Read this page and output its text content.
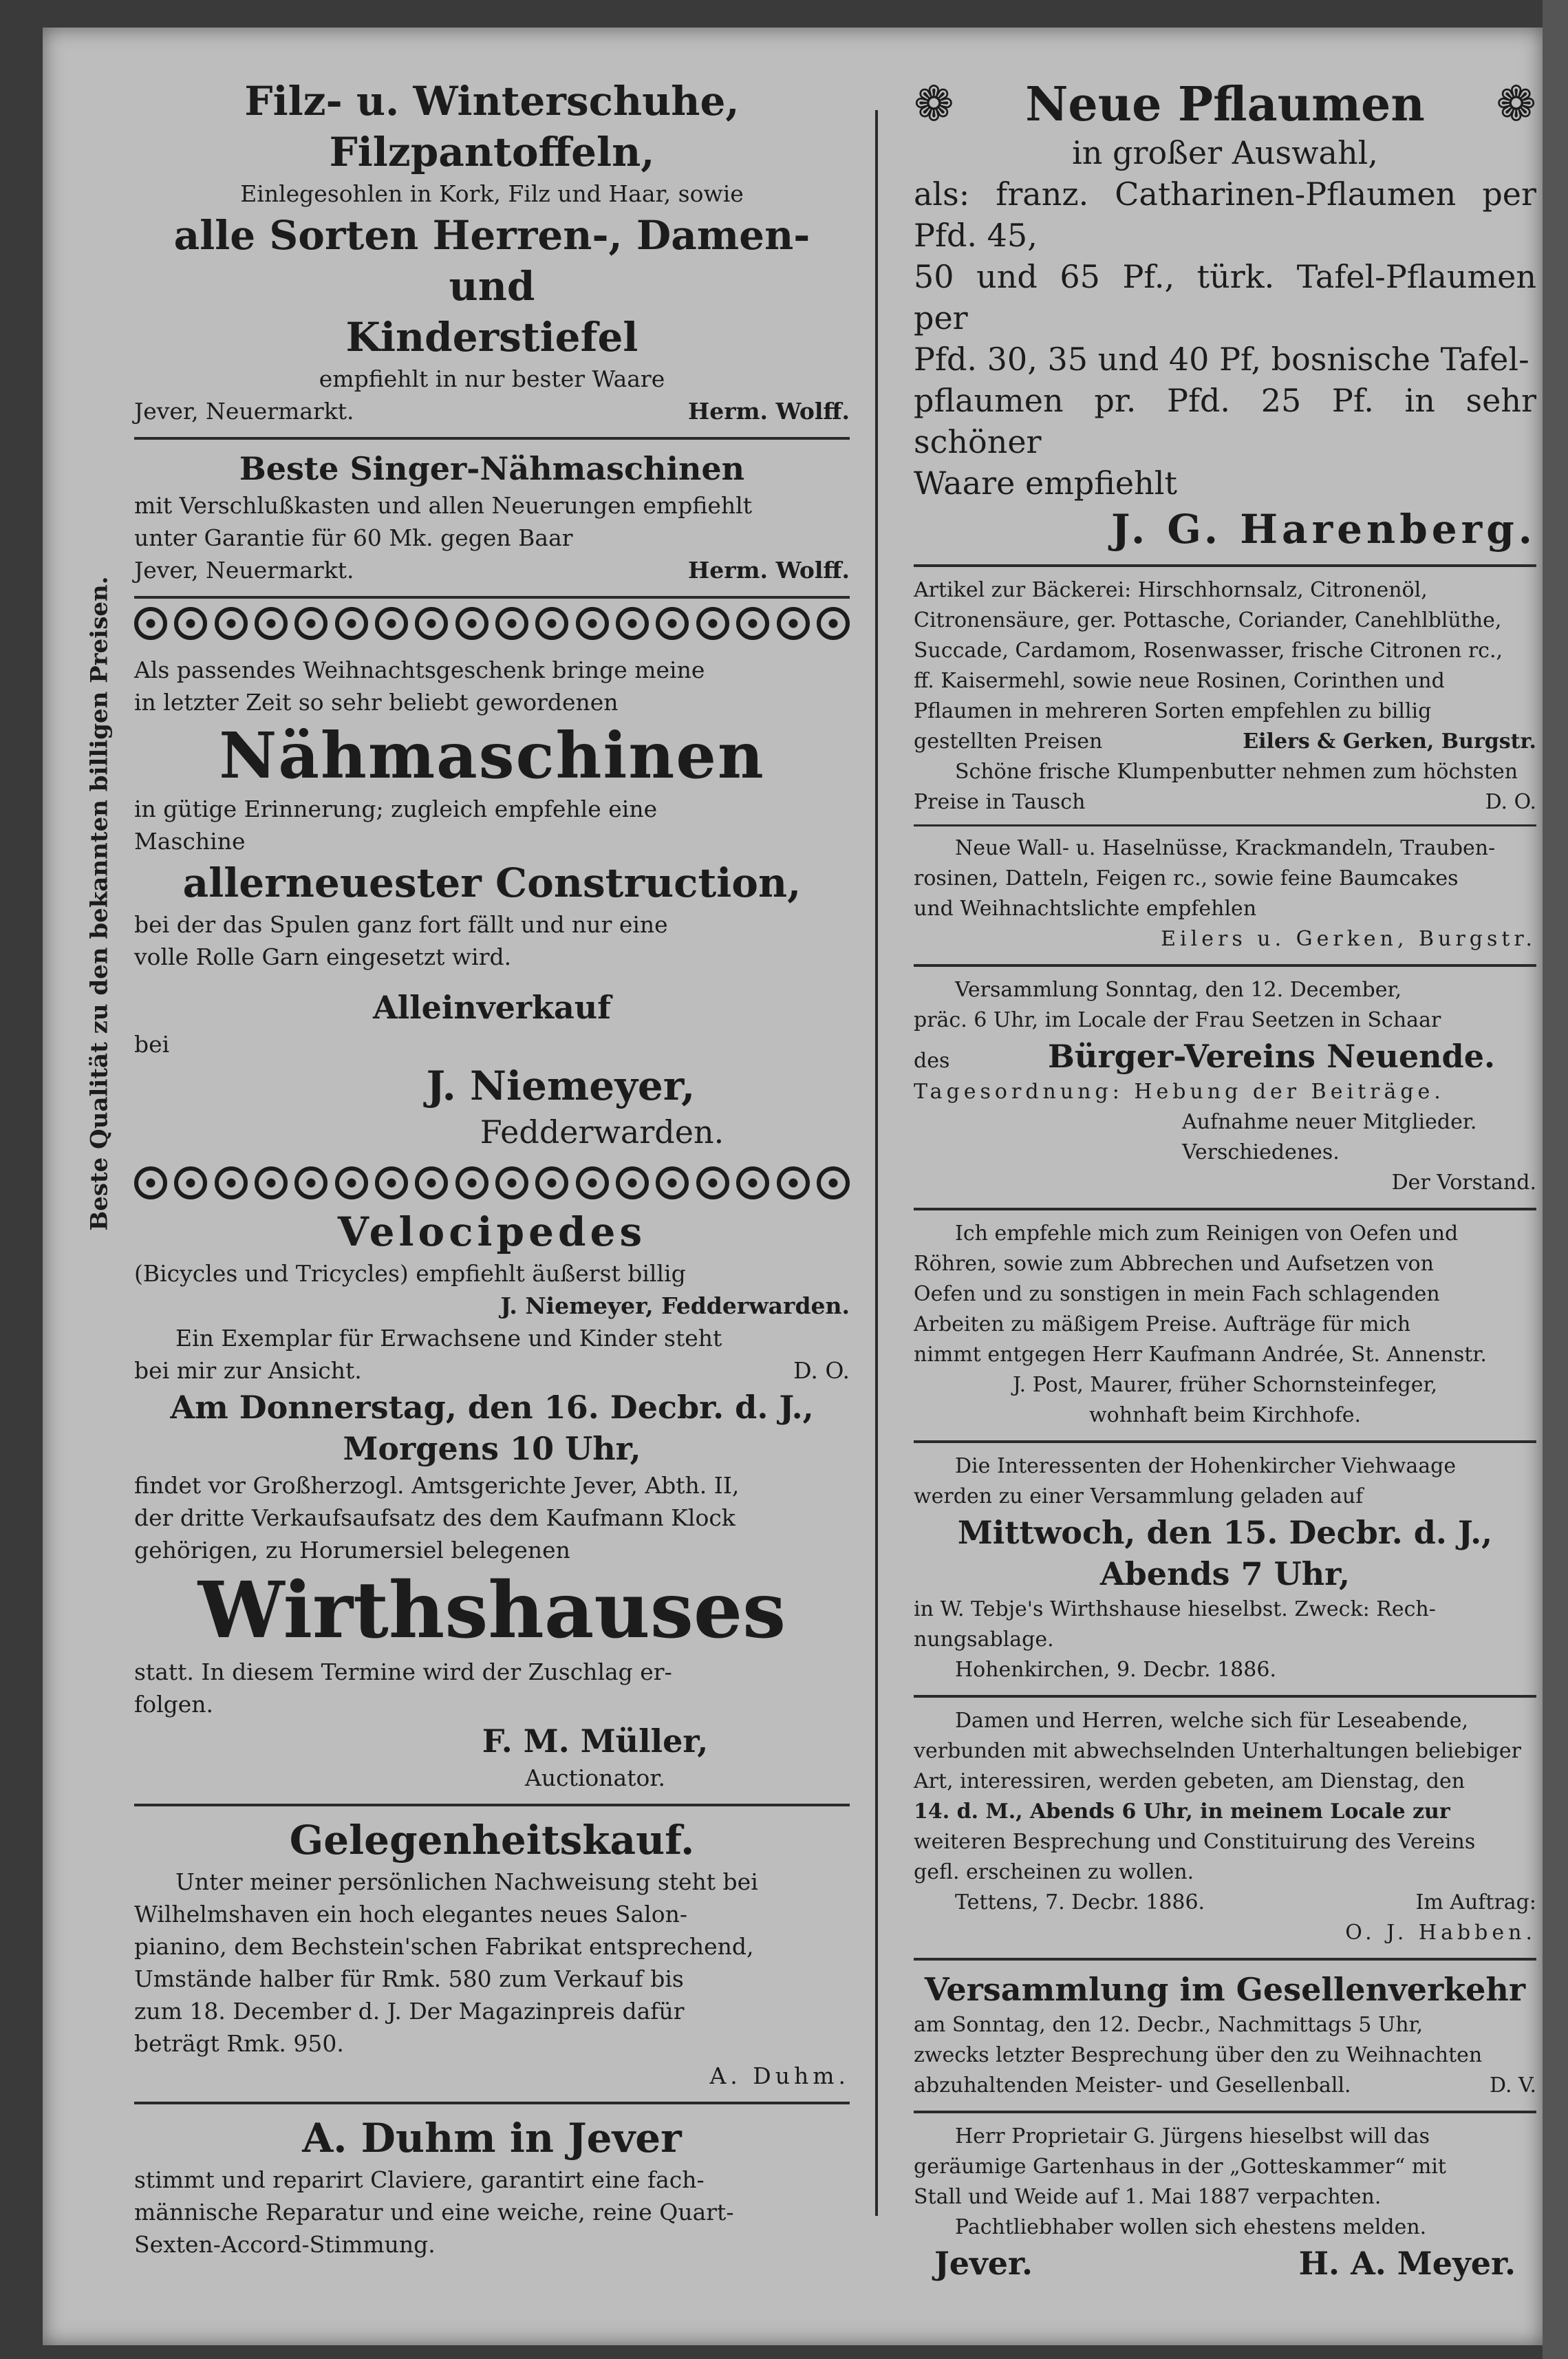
Filz- u. Winterschuhe, Filzpantoffeln,
Einlegesohlen in Kork, Filz und Haar, sowie
alle Sorten Herren-, Damen- und
Kinderstiefel
empfiehlt in nur bester Waare
Jever, Neuermarkt.	Herm. Wolff.
Beste Singer-Nähmaschinen
mit Verschlußkasten und allen Neuerungen empfiehlt
unter Garantie für 60 Mk. gegen Baar
Jever, Neuermarkt.	Herm. Wolff.
Beste Qualität zu den bekannten billigen Preisen. Als passendes Weihnachtsgeschenk bringe meine
in letzter Zeit so sehr beliebt gewordenen
Nähmaschinen
in gütige Erinnerung; zugleich empfehle eine
Maschine
allerneuester Construction,
bei der das Spulen ganz fort fällt und nur eine
volle Rolle Garn eingesetzt wird.
Alleinverkauf
bei
J. Niemeyer,
Fedderwarden.
Velocipedes
(Bicycles und Tricycles) empfiehlt äußerst billig
J. Niemeyer, Fedderwarden.
Ein Exemplar für Erwachsene und Kinder steht
bei mir zur Ansicht.	D. O.
Am Donnerstag, den 16. Decbr. d. J.,
Morgens 10 Uhr,
findet vor Großherzogl. Amtsgerichte Jever, Abth. II,
der dritte Verkaufsaufsatz des dem Kaufmann Klock
gehörigen, zu Horumersiel belegenen
Wirthshauses
statt. In diesem Termine wird der Zuschlag er-
folgen.
F. M. Müller,
Auctionator.
Gelegenheitskauf.
Unter meiner persönlichen Nachweisung steht bei
Wilhelmshaven ein hoch elegantes neues Salon-
pianino, dem Bechstein'schen Fabrikat entsprechend,
Umstände halber für Rmk. 580 zum Verkauf bis
zum 18. December d. J. Der Magazinpreis dafür
beträgt Rmk. 950.
A. Duhm.
A. Duhm in Jever
stimmt und reparirt Claviere, garantirt eine fach-
männische Reparatur und eine weiche, reine Quart-
Sexten-Accord-Stimmung.
❁ Neue Pflaumen ❁
in großer Auswahl,
als: franz. Catharinen-Pflaumen per Pfd. 45,
50 und 65 Pf., türk. Tafel-Pflaumen per
Pfd. 30, 35 und 40 Pf, bosnische Tafel-
pflaumen pr. Pfd. 25 Pf. in sehr schöner
Waare empfiehlt
J. G. Harenberg.
Artikel zur Bäckerei: Hirschhornsalz, Citronenöl,
Citronensäure, ger. Pottasche, Coriander, Canehlblüthe,
Succade, Cardamom, Rosenwasser, frische Citronen rc.,
ff. Kaisermehl, sowie neue Rosinen, Corinthen und
Pflaumen in mehreren Sorten empfehlen zu billig
gestellten Preisen	Eilers & Gerken, Burgstr.
Schöne frische Klumpenbutter nehmen zum höchsten
Preise in Tausch	D. O.
Neue Wall- u. Haselnüsse, Krackmandeln, Trauben-
rosinen, Datteln, Feigen rc., sowie feine Baumcakes
und Weihnachtslichte empfehlen
Eilers u. Gerken, Burgstr.
Versammlung Sonntag, den 12. December,
präc. 6 Uhr, im Locale der Frau Seetzen in Schaar
des	Bürger-Vereins Neuende.
Tagesordnung: Hebung der Beiträge.
Aufnahme neuer Mitglieder.
Verschiedenes.
Der Vorstand.
Ich empfehle mich zum Reinigen von Oefen und
Röhren, sowie zum Abbrechen und Aufsetzen von
Oefen und zu sonstigen in mein Fach schlagenden
Arbeiten zu mäßigem Preise. Aufträge für mich
nimmt entgegen Herr Kaufmann Andrée, St. Annenstr.
J. Post, Maurer, früher Schornsteinfeger,
wohnhaft beim Kirchhofe.
Die Interessenten der Hohenkircher Viehwaage
werden zu einer Versammlung geladen auf
Mittwoch, den 15. Decbr. d. J.,
Abends 7 Uhr,
in W. Tebje's Wirthshause hieselbst. Zweck: Rech-
nungsablage.
Hohenkirchen, 9. Decbr. 1886.
Damen und Herren, welche sich für Leseabende,
verbunden mit abwechselnden Unterhaltungen beliebiger
Art, interessiren, werden gebeten, am Dienstag, den
14. d. M., Abends 6 Uhr, in meinem Locale zur
weiteren Besprechung und Constituirung des Vereins
gefl. erscheinen zu wollen.
Tettens, 7. Decbr. 1886.	Im Auftrag:
O. J. Habben.
Versammlung im Gesellenverkehr
am Sonntag, den 12. Decbr., Nachmittags 5 Uhr,
zwecks letzter Besprechung über den zu Weihnachten
abzuhaltenden Meister- und Gesellenball.	D. V.
Herr Proprietair G. Jürgens hieselbst will das
geräumige Gartenhaus in der „Gotteskammer“ mit
Stall und Weide auf 1. Mai 1887 verpachten.
Pachtliebhaber wollen sich ehestens melden.
Jever.	H. A. Meyer.
